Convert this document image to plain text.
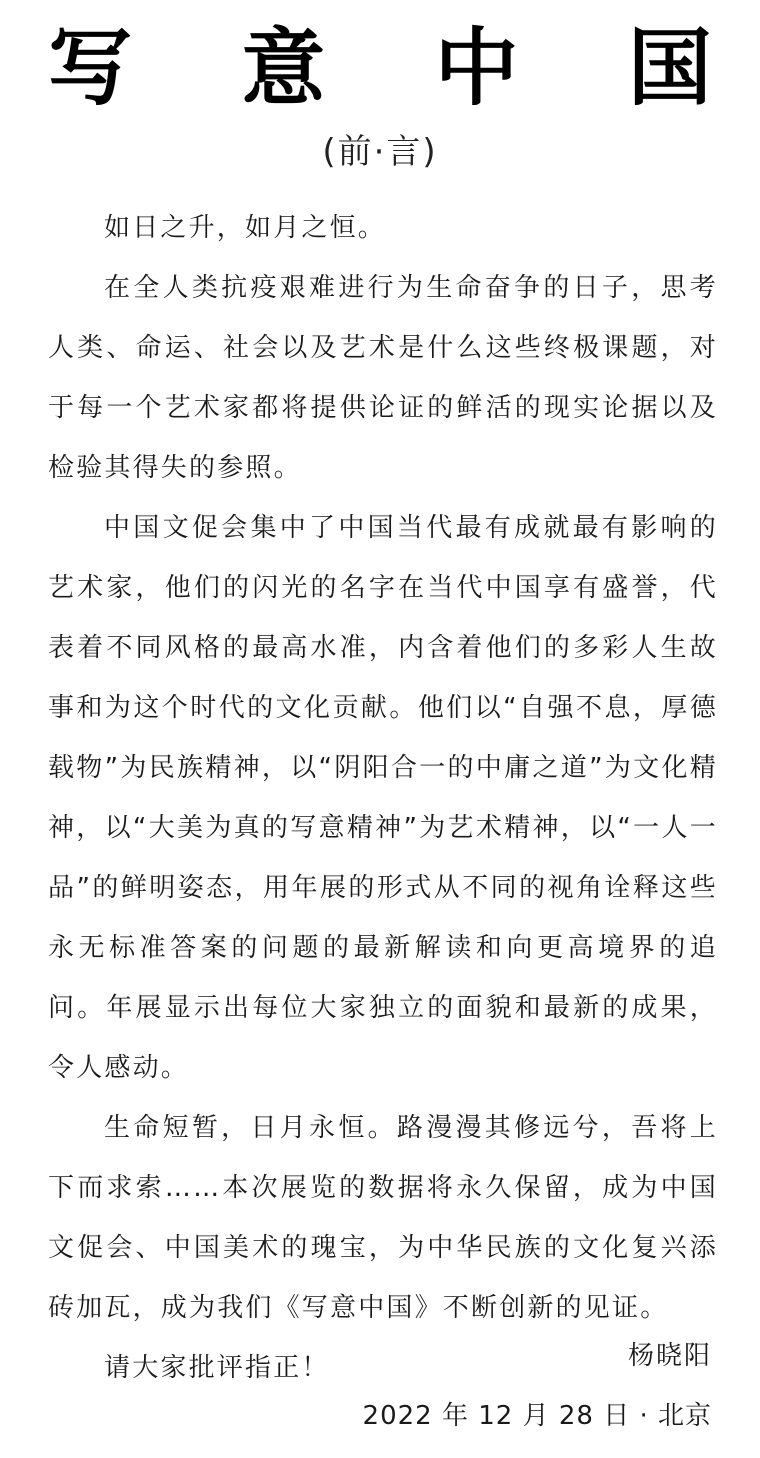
写 意 中 国
(前·言)

如日之升，如月之恒。

在全人类抗疫艰难进行为生命奋争的日子，思考人类、命运、社会以及艺术是什么这些终极课题，对于每一个艺术家都将提供论证的鲜活的现实论据以及检验其得失的参照。

中国文促会集中了中国当代最有成就最有影响的艺术家，他们的闪光的名字在当代中国享有盛誉，代表着不同风格的最高水准，内含着他们的多彩人生故事和为这个时代的文化贡献。他们以“自强不息，厚德载物”为民族精神，以“阴阳合一的中庸之道”为文化精神，以“大美为真的写意精神”为艺术精神，以“一人一品”的鲜明姿态，用年展的形式从不同的视角诠释这些永无标准答案的问题的最新解读和向更高境界的追问。年展显示出每位大家独立的面貌和最新的成果，令人感动。

生命短暂，日月永恒。路漫漫其修远兮，吾将上下而求索……本次展览的数据将永久保留，成为中国文促会、中国美术的瑰宝，为中华民族的文化复兴添砖加瓦，成为我们《写意中国》不断创新的见证。

请大家批评指正！	杨晓阳
2022 年 12 月 28 日 · 北京
